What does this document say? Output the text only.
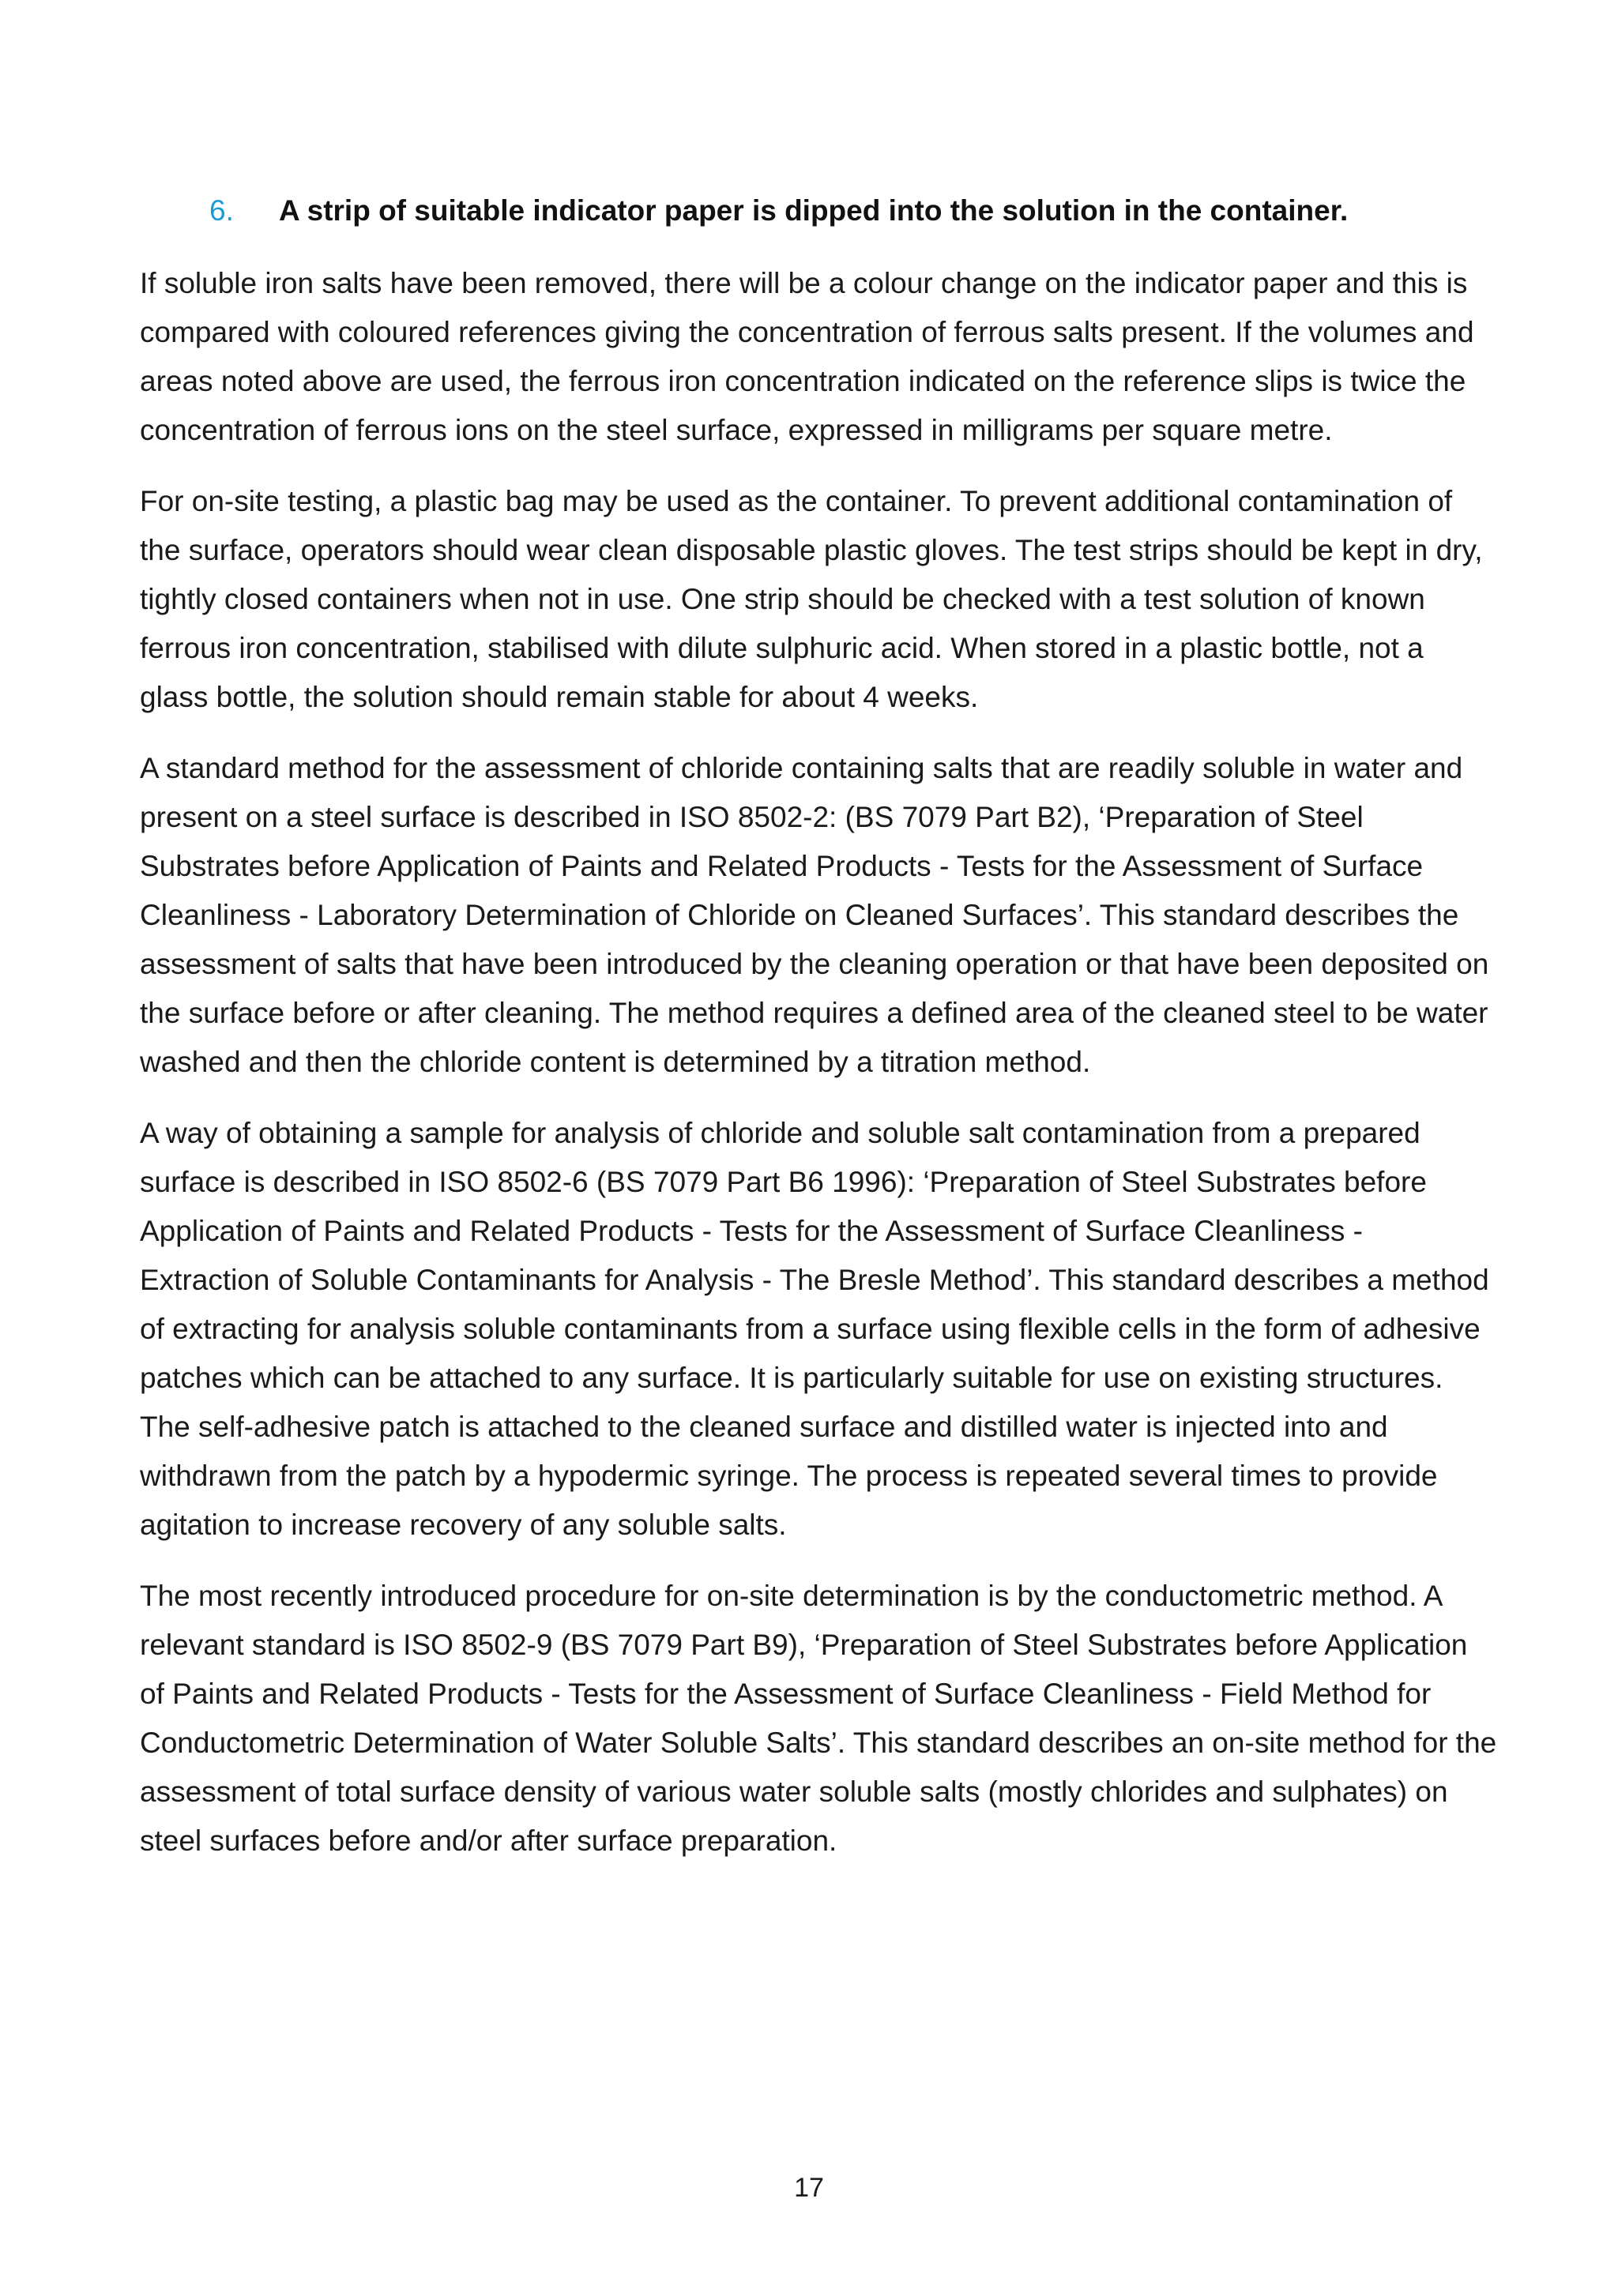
6.	A strip of suitable indicator paper is dipped into the solution in the container.

If soluble iron salts have been removed, there will be a colour change on the indicator paper and this is compared with coloured references giving the concentration of ferrous salts present. If the volumes and areas noted above are used, the ferrous iron concentration indicated on the reference slips is twice the concentration of ferrous ions on the steel surface, expressed in milligrams per square metre.

For on-site testing, a plastic bag may be used as the container. To prevent additional contamination of the surface, operators should wear clean disposable plastic gloves. The test strips should be kept in dry, tightly closed containers when not in use. One strip should be checked with a test solution of known ferrous iron concentration, stabilised with dilute sulphuric acid. When stored in a plastic bottle, not a glass bottle, the solution should remain stable for about 4 weeks.

A standard method for the assessment of chloride containing salts that are readily soluble in water and present on a steel surface is described in ISO 8502-2: (BS 7079 Part B2), ‘Preparation of Steel Substrates before Application of Paints and Related Products - Tests for the Assessment of Surface Cleanliness - Laboratory Determination of Chloride on Cleaned Surfaces’. This standard describes the assessment of salts that have been introduced by the cleaning operation or that have been deposited on the surface before or after cleaning. The method requires a defined area of the cleaned steel to be water washed and then the chloride content is determined by a titration method.

A way of obtaining a sample for analysis of chloride and soluble salt contamination from a prepared surface is described in ISO 8502-6 (BS 7079 Part B6 1996): ‘Preparation of Steel Substrates before Application of Paints and Related Products - Tests for the Assessment of Surface Cleanliness - Extraction of Soluble Contaminants for Analysis - The Bresle Method’. This standard describes a method of extracting for analysis soluble contaminants from a surface using flexible cells in the form of adhesive patches which can be attached to any surface. It is particularly suitable for use on existing structures. The self-adhesive patch is attached to the cleaned surface and distilled water is injected into and withdrawn from the patch by a hypodermic syringe. The process is repeated several times to provide agitation to increase recovery of any soluble salts.

The most recently introduced procedure for on-site determination is by the conductometric method. A relevant standard is ISO 8502-9 (BS 7079 Part B9), ‘Preparation of Steel Substrates before Application of Paints and Related Products - Tests for the Assessment of Surface Cleanliness - Field Method for Conductometric Determination of Water Soluble Salts’. This standard describes an on-site method for the assessment of total surface density of various water soluble salts (mostly chlorides and sulphates) on steel surfaces before and/or after surface preparation.

17
